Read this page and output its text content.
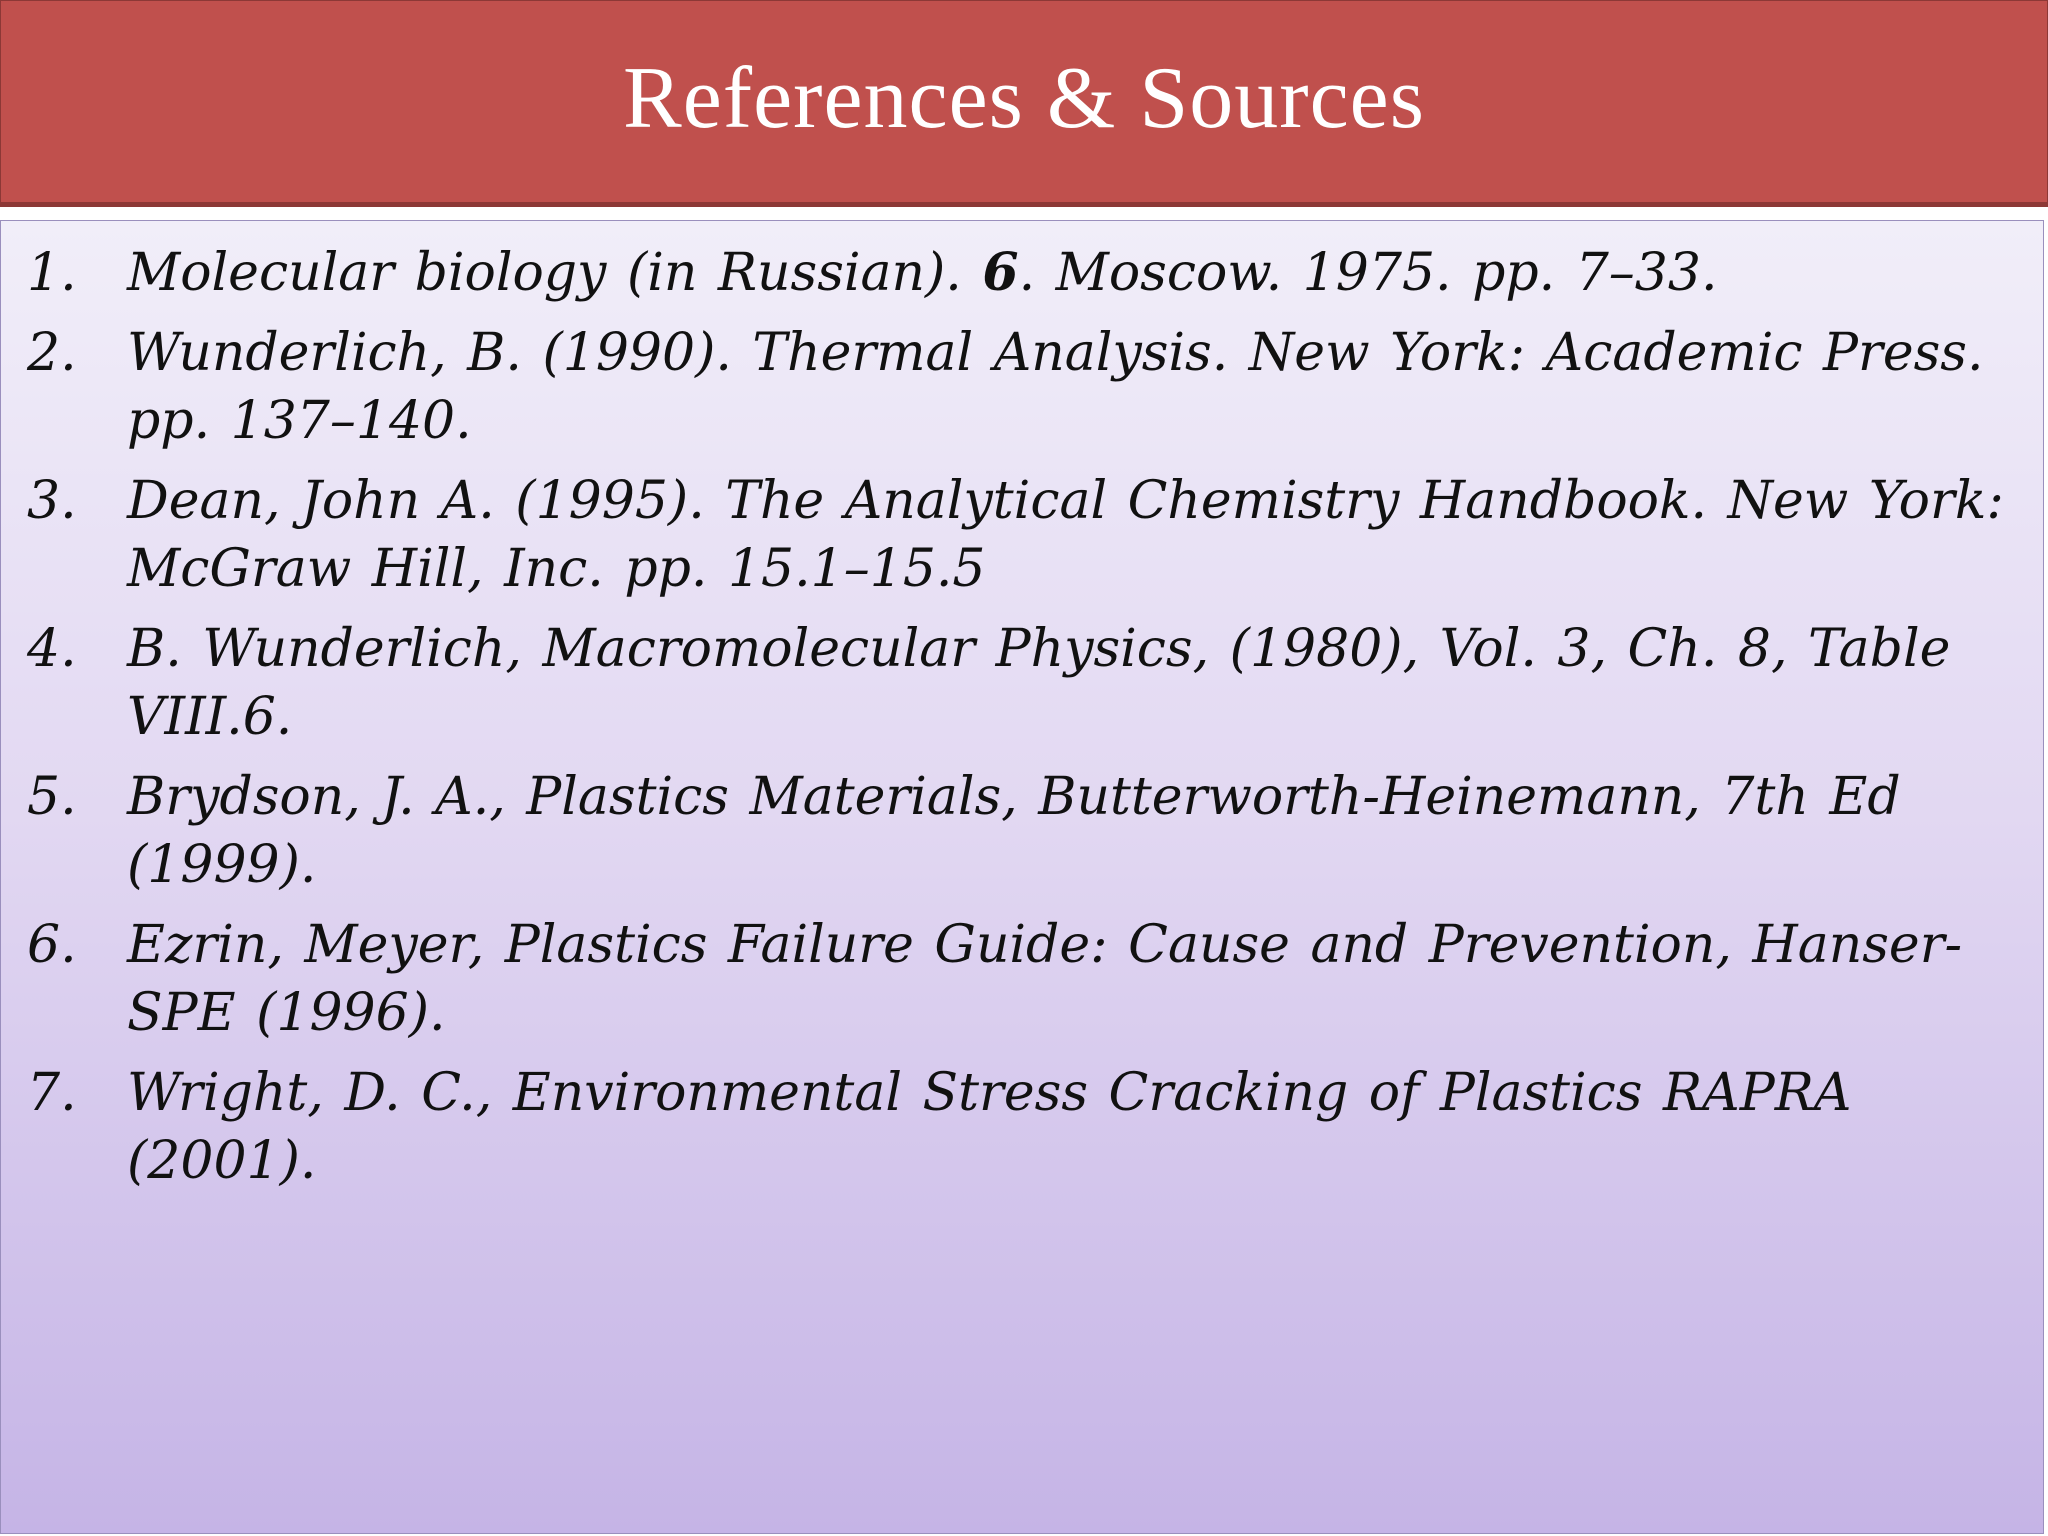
References & Sources
1. Molecular biology (in Russian). 6. Moscow. 1975. pp. 7–33.
2. Wunderlich, B. (1990). Thermal Analysis. New York: Academic Press. pp. 137–140.
3. Dean, John A. (1995). The Analytical Chemistry Handbook. New York: McGraw Hill, Inc. pp. 15.1–15.5
4. B. Wunderlich, Macromolecular Physics, (1980), Vol. 3, Ch. 8, Table VIII.6.
5. Brydson, J. A., Plastics Materials, Butterworth-Heinemann, 7th Ed (1999).
6. Ezrin, Meyer, Plastics Failure Guide: Cause and Prevention, Hanser-SPE (1996).
7. Wright, D. C., Environmental Stress Cracking of Plastics RAPRA (2001).
